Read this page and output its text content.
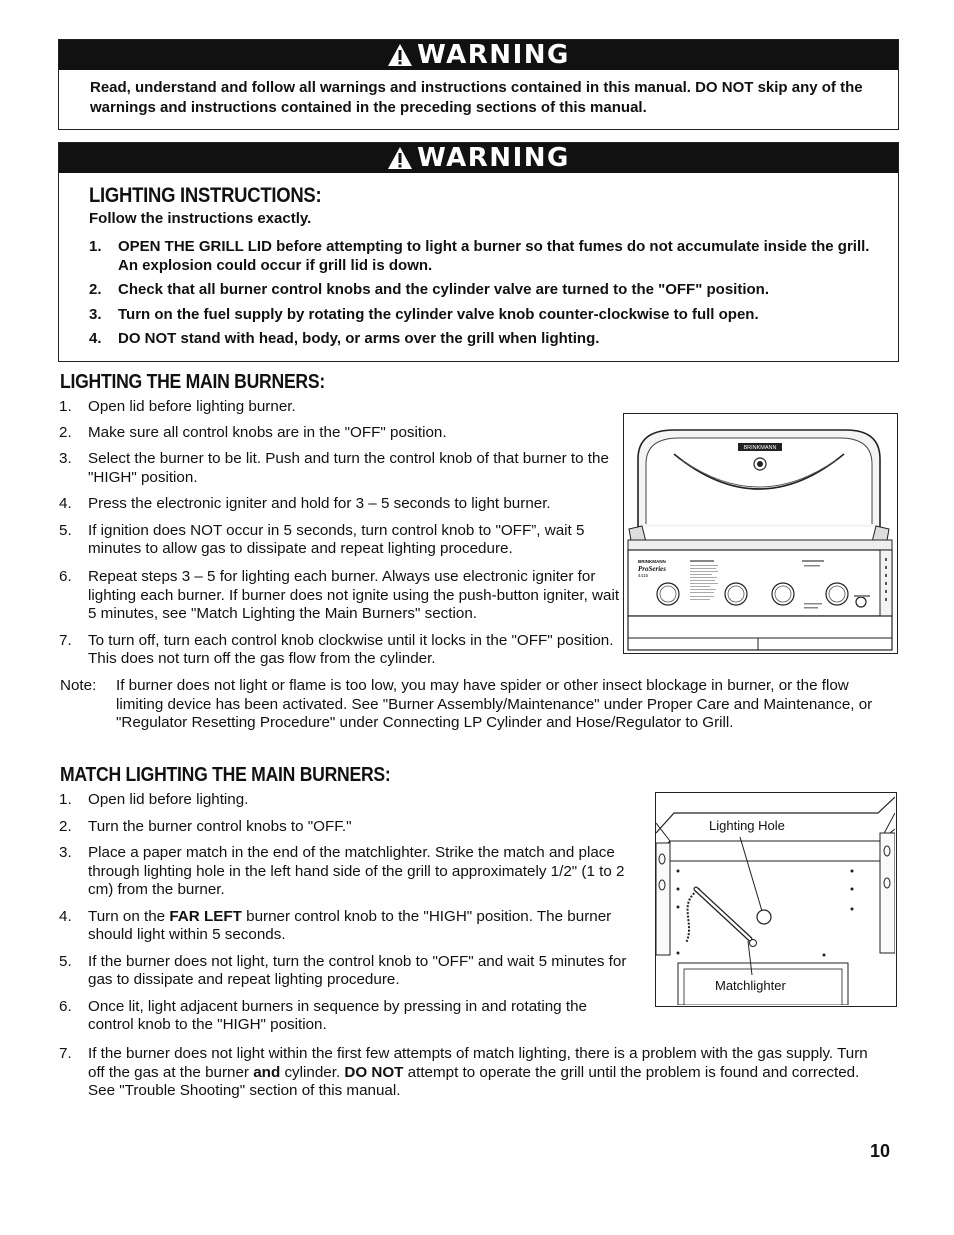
WARNING
Read, understand and follow all warnings and instructions contained in this manual. DO NOT skip any of the warnings and instructions contained in the preceding sections of this manual.
WARNING
LIGHTING INSTRUCTIONS:
Follow the instructions exactly.
1. OPEN THE GRILL LID before attempting to light a burner so that fumes do not accumulate inside the grill. An explosion could occur if grill lid is down.
2. Check that all burner control knobs and the cylinder valve are turned to the "OFF" position.
3. Turn on the fuel supply by rotating the cylinder valve knob counter-clockwise to full open.
4. DO NOT stand with head, body, or arms over the grill when lighting.
LIGHTING THE MAIN BURNERS:
1. Open lid before lighting burner.
2. Make sure all control knobs are in the "OFF" position.
3. Select the burner to be lit. Push and turn the control knob of that burner to the "HIGH" position.
4. Press the electronic igniter and hold for 3 – 5 seconds to light burner.
5. If ignition does NOT occur in 5 seconds, turn control knob to "OFF”, wait 5 minutes to allow gas to dissipate and repeat lighting procedure.
6. Repeat steps 3 – 5 for lighting each burner. Always use electronic igniter for lighting each burner. If burner does not ignite using the push-button igniter, wait 5 minutes, see "Match Lighting the Main Burners" section.
7. To turn off, turn each control knob clockwise until it locks in the "OFF" position. This does not turn off the gas flow from the cylinder.
Note: If burner does not light or flame is too low, you may have spider or other insect blockage in burner, or the flow limiting device has been activated. See "Burner Assembly/Maintenance" under Proper Care and Maintenance, or "Regulator Resetting Procedure" under Connecting LP Cylinder and Hose/Regulator to Grill.
BRINKMANN
BRINKMANN
ProSeries
4415
MATCH LIGHTING THE MAIN BURNERS:
1. Open lid before lighting.
2. Turn the burner control knobs to "OFF."
3. Place a paper match in the end of the matchlighter. Strike the match and place through lighting hole in the left hand side of the grill to approximately 1/2" (1 to 2 cm) from the burner.
4. Turn on the FAR LEFT burner control knob to the "HIGH" position. The burner should light within 5 seconds.
5. If the burner does not light, turn the control knob to "OFF" and wait 5 minutes for gas to dissipate and repeat lighting procedure.
6. Once lit, light adjacent burners in sequence by pressing in and rotating the control knob to the "HIGH" position.
7. If the burner does not light within the first few attempts of match lighting, there is a problem with the gas supply. Turn off the gas at the burner and cylinder. DO NOT attempt to operate the grill until the problem is found and corrected. See "Trouble Shooting" section of this manual.
Lighting Hole
Matchlighter
10
